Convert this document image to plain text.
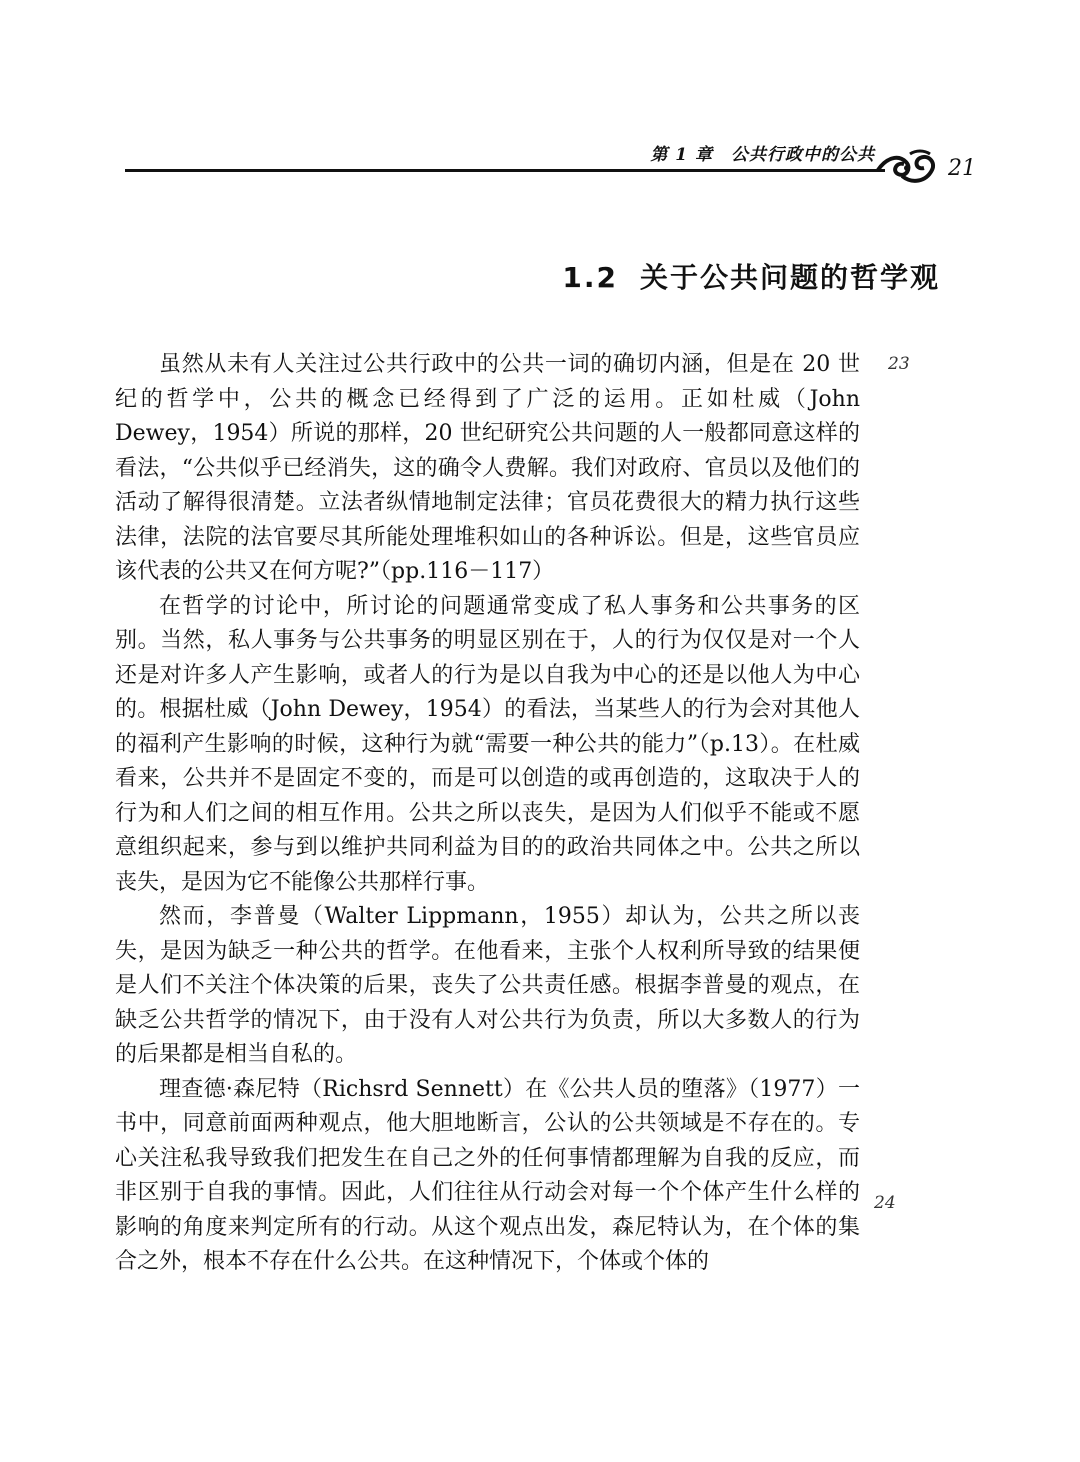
第 1 章　公共行政中的公共
21
1.2 关于公共问题的哲学观

虽然从未有人关注过公共行政中的公共一词的确切内涵，但是在 20 世纪的哲学中，公共的概念已经得到了广泛的运用。正如杜威（John Dewey，1954）所说的那样，20 世纪研究公共问题的人一般都同意这样的看法，“公共似乎已经消失，这的确令人费解。我们对政府、官员以及他们的活动了解得很清楚。立法者纵情地制定法律；官员花费很大的精力执行这些法律，法院的法官要尽其所能处理堆积如山的各种诉讼。但是，这些官员应该代表的公共又在何方呢?”（pp.116－117）

在哲学的讨论中，所讨论的问题通常变成了私人事务和公共事务的区别。当然，私人事务与公共事务的明显区别在于，人的行为仅仅是对一个人还是对许多人产生影响，或者人的行为是以自我为中心的还是以他人为中心的。根据杜威（John Dewey，1954）的看法，当某些人的行为会对其他人的福利产生影响的时候，这种行为就“需要一种公共的能力”（p.13）。在杜威看来，公共并不是固定不变的，而是可以创造的或再创造的，这取决于人的行为和人们之间的相互作用。公共之所以丧失，是因为人们似乎不能或不愿意组织起来，参与到以维护共同利益为目的的政治共同体之中。公共之所以丧失，是因为它不能像公共那样行事。

然而，李普曼（Walter Lippmann，1955）却认为，公共之所以丧失，是因为缺乏一种公共的哲学。在他看来，主张个人权利所导致的结果便是人们不关注个体决策的后果，丧失了公共责任感。根据李普曼的观点，在缺乏公共哲学的情况下，由于没有人对公共行为负责，所以大多数人的行为的后果都是相当自私的。

理查德·森尼特（Richsrd Sennett）在《公共人员的堕落》（1977）一书中，同意前面两种观点，他大胆地断言，公认的公共领域是不存在的。专心关注私我导致我们把发生在自己之外的任何事情都理解为自我的反应，而非区别于自我的事情。因此，人们往往从行动会对每一个个体产生什么样的影响的角度来判定所有的行动。从这个观点出发，森尼特认为，在个体的集合之外，根本不存在什么公共。在这种情况下，个体或个体的

23
24
